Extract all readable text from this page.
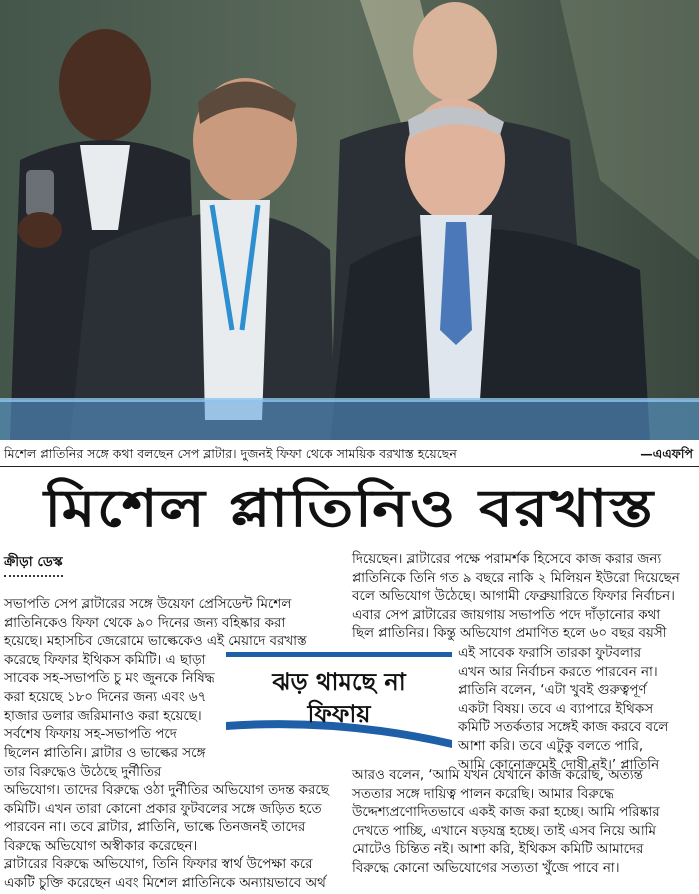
মিশেল প্লাতিনির সঙ্গে কথা বলছেন সেপ ব্লাটার। দুজনই ফিফা থেকে সাময়িক বরখাস্ত হয়েছেন	—এএফপি
মিশেল প্লাতিনিও বরখাস্ত
ক্রীড়া ডেস্ক
সভাপতি সেপ ব্লাটারের সঙ্গে উয়েফা প্রেসিডেন্ট মিশেল
প্লাতিনিকেও ফিফা থেকে ৯০ দিনের জন্য বহিষ্কার করা
হয়েছে। মহাসচিব জেরোমে ভাল্কেকেও এই মেয়াদে বরখাস্ত
করেছে ফিফার ইথিকস কমিটি। এ ছাড়া
সাবেক সহ-সভাপতি চু মং জুনকে নিষিদ্ধ
করা হয়েছে ১৮০ দিনের জন্য এবং ৬৭
হাজার ডলার জরিমানাও করা হয়েছে।
সর্বশেষ ফিফায় সহ-সভাপতি পদে
ঝড় থামছে না
ফিফায়
ছিলেন প্লাতিনি। ব্লাটার ও ভাল্কের সঙ্গে
তার বিরুদ্ধেও উঠেছে দুর্নীতির
অভিযোগ। তাদের বিরুদ্ধে ওঠা দুর্নীতির অভিযোগ তদন্ত করছে
কমিটি। এখন তারা কোনো প্রকার ফুটবলের সঙ্গে জড়িত হতে
পারবেন না। তবে ব্লাটার, প্লাতিনি, ভাল্কে তিনজনই তাদের
বিরুদ্ধে অভিযোগ অস্বীকার করেছেন।
ব্লাটারের বিরুদ্ধে অভিযোগ, তিনি ফিফার স্বার্থ উপেক্ষা করে
একটি চুক্তি করেছেন এবং মিশেল প্লাতিনিকে অন্যায়ভাবে অর্থ
দিয়েছেন। ব্লাটারের পক্ষে পরামর্শক হিসেবে কাজ করার জন্য
প্লাতিনিকে তিনি গত ৯ বছরে নাকি ২ মিলিয়ন ইউরো দিয়েছেন
বলে অভিযোগ উঠেছে। আগামী ফেব্রুয়ারিতে ফিফার নির্বাচন।
এবার সেপ ব্লাটারের জায়গায় সভাপতি পদে দাঁড়ানোর কথা
ছিল প্লাতিনির। কিন্তু অভিযোগ প্রমাণিত হলে ৬০ বছর বয়সী
এই সাবেক ফরাসি তারকা ফুটবলার
এখন আর নির্বাচন করতে পারবেন না।
প্লাতিনি বলেন, ‘এটা খুবই গুরুত্বপূর্ণ
একটা বিষয়। তবে এ ব্যাপারে ইথিকস
কমিটি সতর্কতার সঙ্গেই কাজ করবে বলে
আশা করি। তবে এটুকু বলতে পারি,
আমি কোনোক্রমেই দোষী নই।’ প্লাতিনি
আরও বলেন, ‘আমি যখন যেখানে কাজ করেছি, অত্যন্ত
সততার সঙ্গে দায়িত্ব পালন করেছি। আমার বিরুদ্ধে
উদ্দেশ্যপ্রণোদিতভাবে একই কাজ করা হচ্ছে। আমি পরিষ্কার
দেখতে পাচ্ছি, এখানে ষড়যন্ত্র হচ্ছে। তাই এসব নিয়ে আমি
মোটেও চিন্তিত নই। আশা করি, ইথিকস কমিটি আমাদের
বিরুদ্ধে কোনো অভিযোগের সত্যতা খুঁজে পাবে না।
